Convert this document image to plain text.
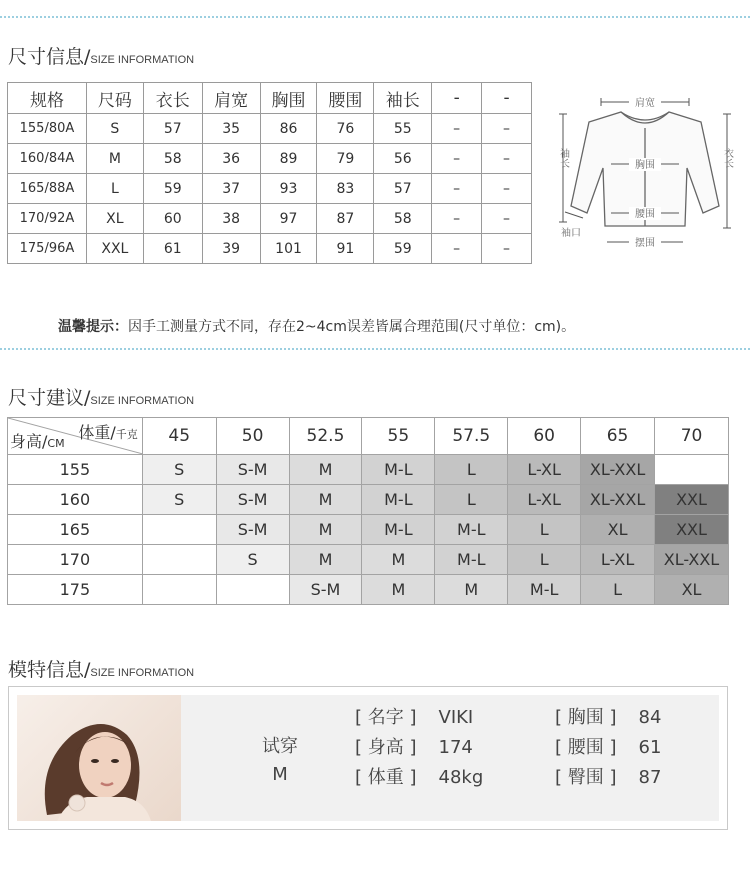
尺寸信息/SIZE INFORMATION
规格	尺码	衣长	肩宽	胸围	腰围	袖长	-	-
155/80A	S	57	35	86	76	55	–	–
160/84A	M	58	36	89	79	56	–	–
165/88A	L	59	37	93	83	57	–	–
170/92A	XL	60	38	97	87	58	–	–
175/96A	XXL	61	39	101	91	59	–	–
肩宽
胸围
腰围
摆围
袖口
袖长	衣长
温馨提示：因手工测量方式不同，存在2~4cm误差皆属合理范围(尺寸单位：cm)。
尺寸建议/SIZE INFORMATION
体重/千克
身高/CM	45	50	52.5	55	57.5	60	65	70
155	S	S-M	M	M-L	L	L-XL	XL-XXL	
160	S	S-M	M	M-L	L	L-XL	XL-XXL	XXL
165		S-M	M	M-L	M-L	L	XL	XXL
170		S	M	M	M-L	L	L-XL	XL-XXL
175			S-M	M	M	M-L	L	XL
模特信息/SIZE INFORMATION
试穿
M
[ 名字 ] VIKI
[ 身高 ] 174
[ 体重 ] 48kg
[ 胸围 ] 84
[ 腰围 ] 61
[ 臀围 ] 87
